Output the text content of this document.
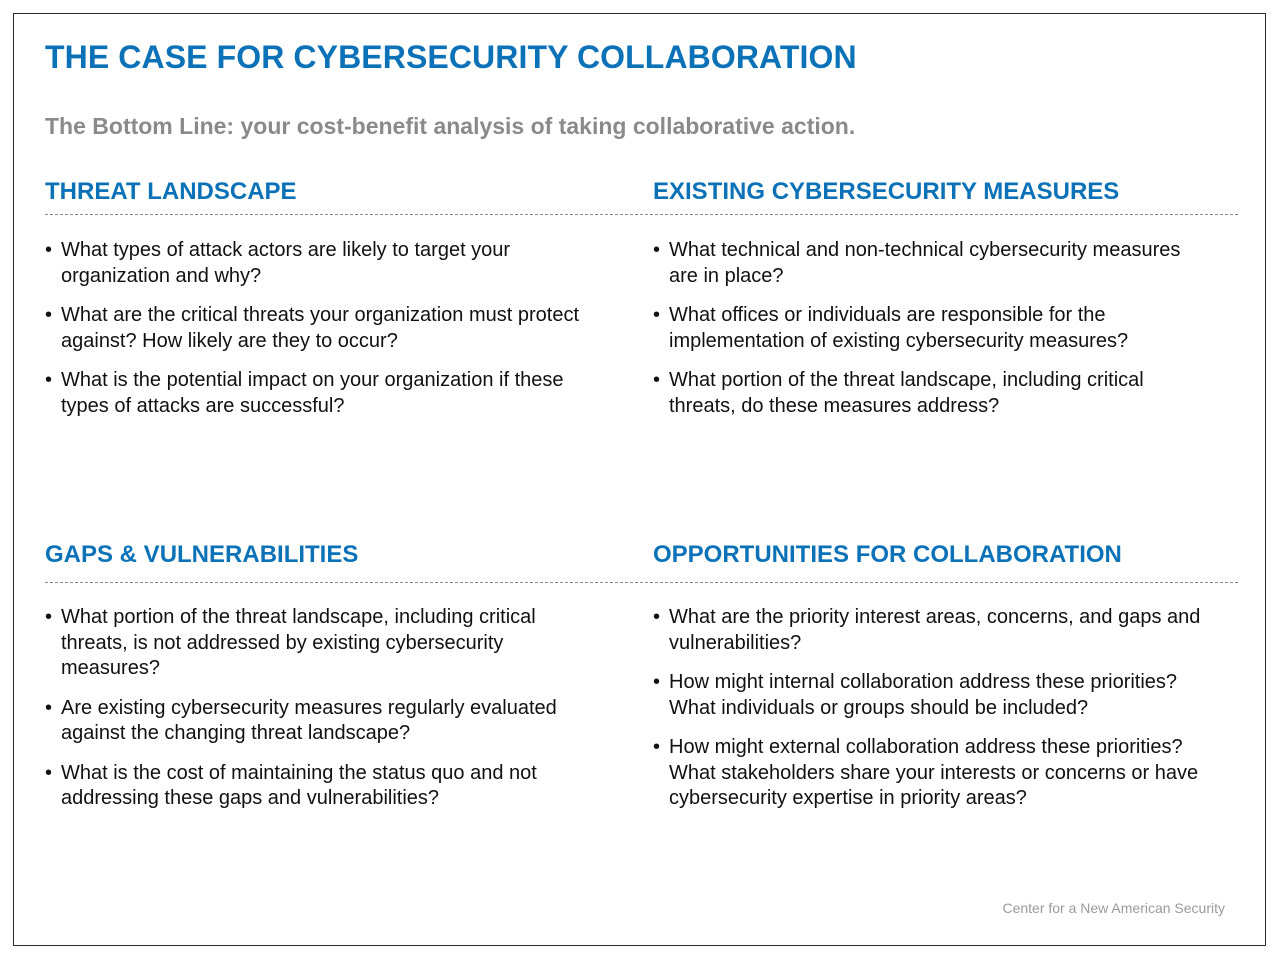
THE CASE FOR CYBERSECURITY COLLABORATION
The Bottom Line: your cost-benefit analysis of taking collaborative action.
THREAT LANDSCAPE	EXISTING CYBERSECURITY MEASURES
• What types of attack actors are likely to target your organization and why?
• What are the critical threats your organization must protect against? How likely are they to occur?
• What is the potential impact on your organization if these types of attacks are successful?
• What technical and non-technical cybersecurity measures are in place?
• What offices or individuals are responsible for the implementation of existing cybersecurity measures?
• What portion of the threat landscape, including critical threats, do these measures address?
GAPS & VULNERABILITIES	OPPORTUNITIES FOR COLLABORATION
• What portion of the threat landscape, including critical threats, is not addressed by existing cybersecurity measures?
• Are existing cybersecurity measures regularly evaluated against the changing threat landscape?
• What is the cost of maintaining the status quo and not addressing these gaps and vulnerabilities?
• What are the priority interest areas, concerns, and gaps and vulnerabilities?
• How might internal collaboration address these priorities? What individuals or groups should be included?
• How might external collaboration address these priorities? What stakeholders share your interests or concerns or have cybersecurity expertise in priority areas?
Center for a New American Security
